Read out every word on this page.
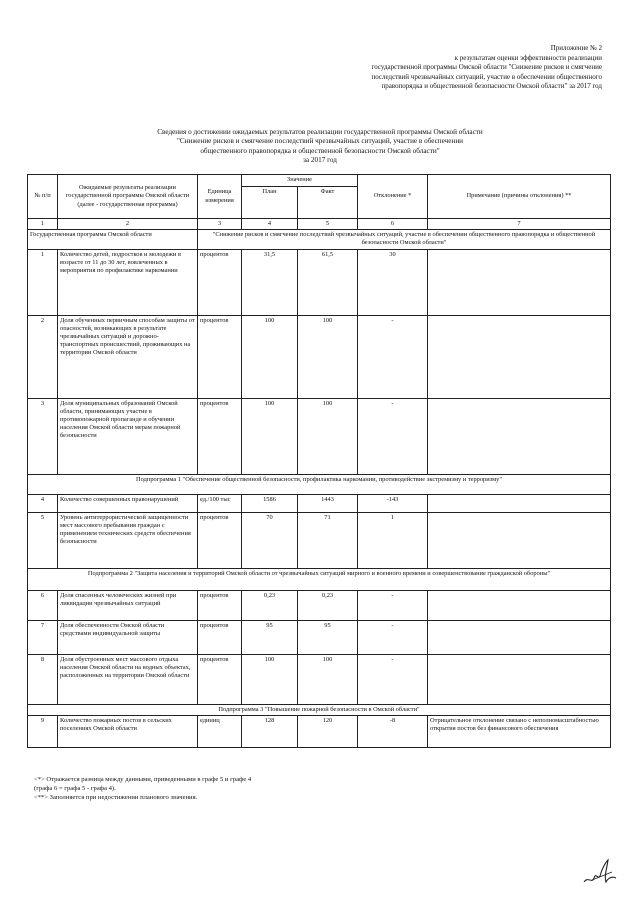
Приложение № 2
к результатам оценки эффективности реализации
государственной программы Омской области "Снижение рисков и смягчение
последствий чрезвычайных ситуаций, участие в обеспечении общественного
правопорядка и общественной безопасности Омской области" за 2017 год
Сведения о достижении ожидаемых результатов реализации государственной программы Омской области
"Снижение рисков и смягчение последствий чрезвычайных ситуаций, участие в обеспечении
общественного правопорядка и общественной безопасности Омской области"
за 2017 год
№ п/п	Ожидаемые результаты реализации государственной программы Омской области (далее - государственная программа)	Единица измерения	Значение		Отклонение *	Примечание (причины отклонения) **
			План	Факт		
1	2	3	4	5	6	7
Государственная программа Омской области		"Снижение рисков и смягчение последствий чрезвычайных ситуаций, участие в обеспечении общественного правопорядка и общественной безопасности Омской области"				
1	Количество детей, подростков и молодежи в возрасте от 11 до 30 лет, вовлеченных в мероприятия по профилактике наркомании	процентов	31,5	61,5	30	
2	Доля обученных первичным способам защиты от опасностей, возникающих в результате чрезвычайных ситуаций и дорожно-транспортных происшествий, проживающих на территории Омской области	процентов	100	100	-	
3	Доля муниципальных образований Омской области, принимающих участие в противопожарной пропаганде и обучении населения Омской области мерам пожарной безопасности	процентов	100	100	-	
Подпрограмма 1 "Обеспечение общественной безопасности, профилактика наркомании, противодействие экстремизму и терроризму"						
4	Количество совершенных правонарушений	ед./100 тыс	1586	1443	-143	
5	Уровень антитеррористической защищенности мест массового пребывания граждан с применением технических средств обеспечения безопасности	процентов	70	71	1	
Подпрограмма 2 "Защита населения и территорий Омской области от чрезвычайных ситуаций мирного и военного времени и совершенствование гражданской обороны"						
6	Доля спасенных человеческих жизней при ликвидации чрезвычайных ситуаций	процентов	0,23	0,23	-	
7	Доля обеспеченности Омской области средствами индивидуальной защиты	процентов	95	95	-	
8	Доля обустроенных мест массового отдыха населения Омской области на водных объектах, расположенных на территории Омской области	процентов	100	100	-	
Подпрограмма 3 "Повышение пожарной безопасности в Омской области"						
9	Количество пожарных постов в сельских поселениях Омской области	единиц	128	120	-8	Отрицательное отклонение связано с неполномасштабностью открытия постов без финансового обеспечения
<*> Отражается разница между данными, приведенными в графе 5 и графе 4
(графа 6 = графа 5 - графа 4).
<**> Заполняется при недостижении планового значения.
